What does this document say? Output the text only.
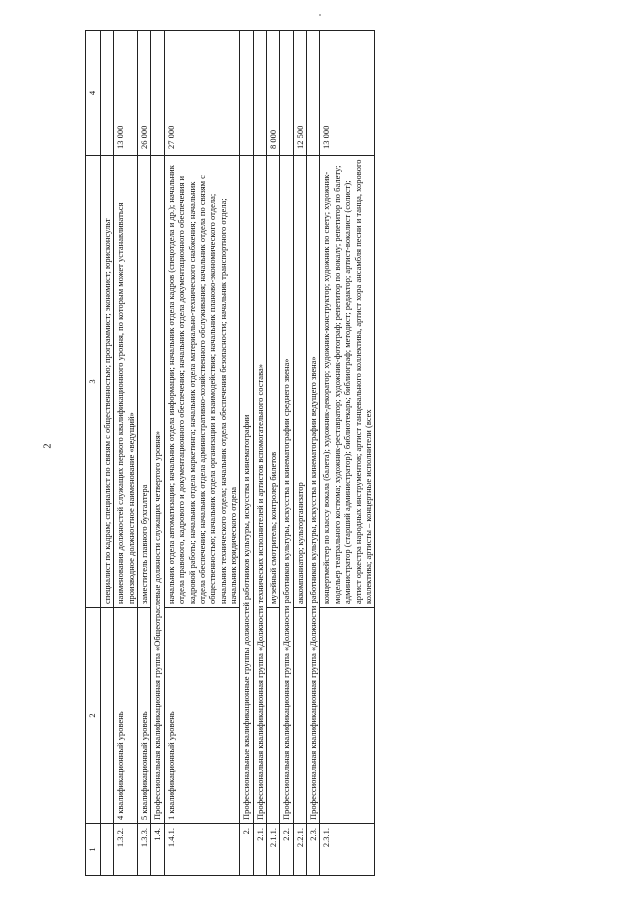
2
1	2	3	4
		специалист по кадрам; специалист по связям с общественностью; программист; экономист; юрисконсульт	
1.3.2.	4 квалификационный уровень	наименования должностей служащих первого квалификационного уровня, по которым может устанавливаться производное должностное наименование «ведущий»	13 000
1.3.3.	5 квалификационный уровень	заместитель главного бухгалтера	26 000
1.4.	Профессиональная квалификационная группа «Общеотраслевые должности служащих четвертого уровня»		
1.4.1.	1 квалификационный уровень	начальник отдела автоматизации; начальник отдела информации; начальник отдела кадров (спецотдела и др.); начальник отдела правового, кадрового и документационного обеспечения; начальник отдела документационного обеспечения и кадровой работы; начальник отдела маркетинга; начальник отдела материально-технического снабжения; начальник отдела обеспечения; начальник отдела административно-хозяйственного обслуживания; начальник отдела по связям с общественностью; начальник отдела организации и взаимодействия; начальник планово-экономического отдела; начальник технического отдела; начальник отдела обеспечения безопасности; начальник транспортного отдела; начальник юридического отдела	27 000
2.	Профессиональные квалификационные группы должностей работников культуры, искусства и кинематографии		
2.1.	Профессиональная квалификационная группа «Должности технических исполнителей и артистов вспомогательного состава»		
2.1.1.		музейный смотритель; контролер билетов	8 000
2.2.	Профессиональная квалификационная группа «Должности работников культуры, искусства и кинематографии среднего звена»		
2.2.1.		аккомпаниатор; культорганизатор	12 500
2.3.	Профессиональная квалификационная группа «Должности работников культуры, искусства и кинематографии ведущего звена»		
2.3.1.		концертмейстер по классу вокала (балета); художник-декоратор; художник-конструктор; художник по свету; художник-модельер театрального костюма; художник-реставратор; художник-фотограф; репетитор по вокалу; репетитор по балету; администратор (старший администратор); библиотекарь; библиограф; методист; редактор; артист-вокалист (солист); артист оркестра народных инструментов; артист танцевального коллектива, артист хора ансамбля песни и танца, хорового коллектива; артисты – концертные исполнители (всех	13 000
